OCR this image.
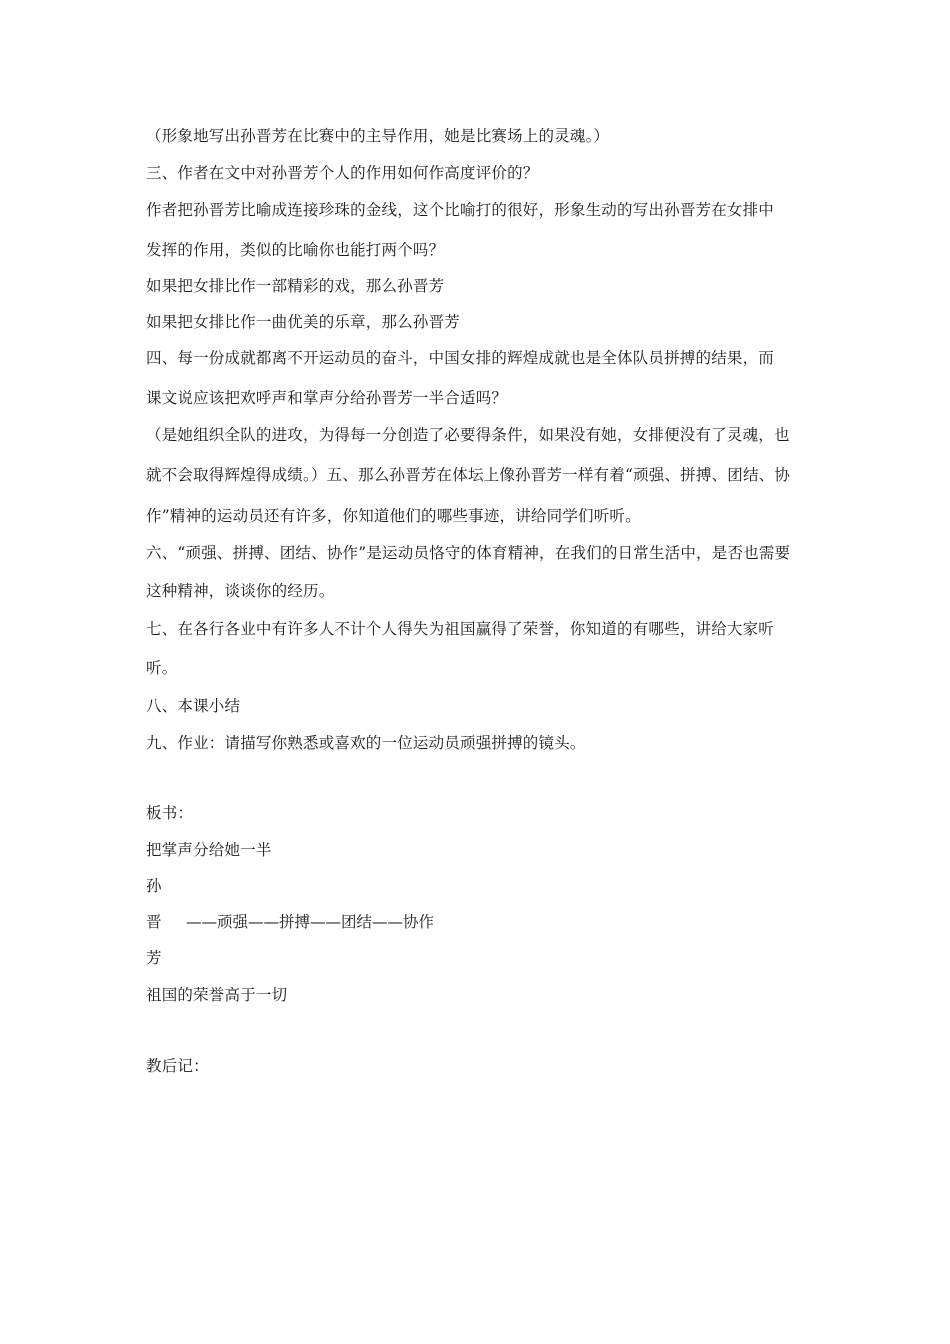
（形象地写出孙晋芳在比赛中的主导作用，她是比赛场上的灵魂。）
三、作者在文中对孙晋芳个人的作用如何作高度评价的？
作者把孙晋芳比喻成连接珍珠的金线，这个比喻打的很好，形象生动的写出孙晋芳在女排中
发挥的作用，类似的比喻你也能打两个吗？
如果把女排比作一部精彩的戏，那么孙晋芳
如果把女排比作一曲优美的乐章，那么孙晋芳
四、每一份成就都离不开运动员的奋斗，中国女排的辉煌成就也是全体队员拼搏的结果，而
课文说应该把欢呼声和掌声分给孙晋芳一半合适吗？
（是她组织全队的进攻，为得每一分创造了必要得条件，如果没有她，女排便没有了灵魂，也
就不会取得辉煌得成绩。）五、那么孙晋芳在体坛上像孙晋芳一样有着“顽强、拼搏、团结、协
作”精神的运动员还有许多，你知道他们的哪些事迹，讲给同学们听听。
六、“顽强、拼搏、团结、协作”是运动员恪守的体育精神，在我们的日常生活中，是否也需要
这种精神，谈谈你的经历。
七、在各行各业中有许多人不计个人得失为祖国赢得了荣誉，你知道的有哪些，讲给大家听
听。
八、本课小结
九、作业：请描写你熟悉或喜欢的一位运动员顽强拼搏的镜头。
板书：
把掌声分给她一半
孙
晋 ——顽强——拼搏——团结——协作
芳
祖国的荣誉高于一切
教后记：
